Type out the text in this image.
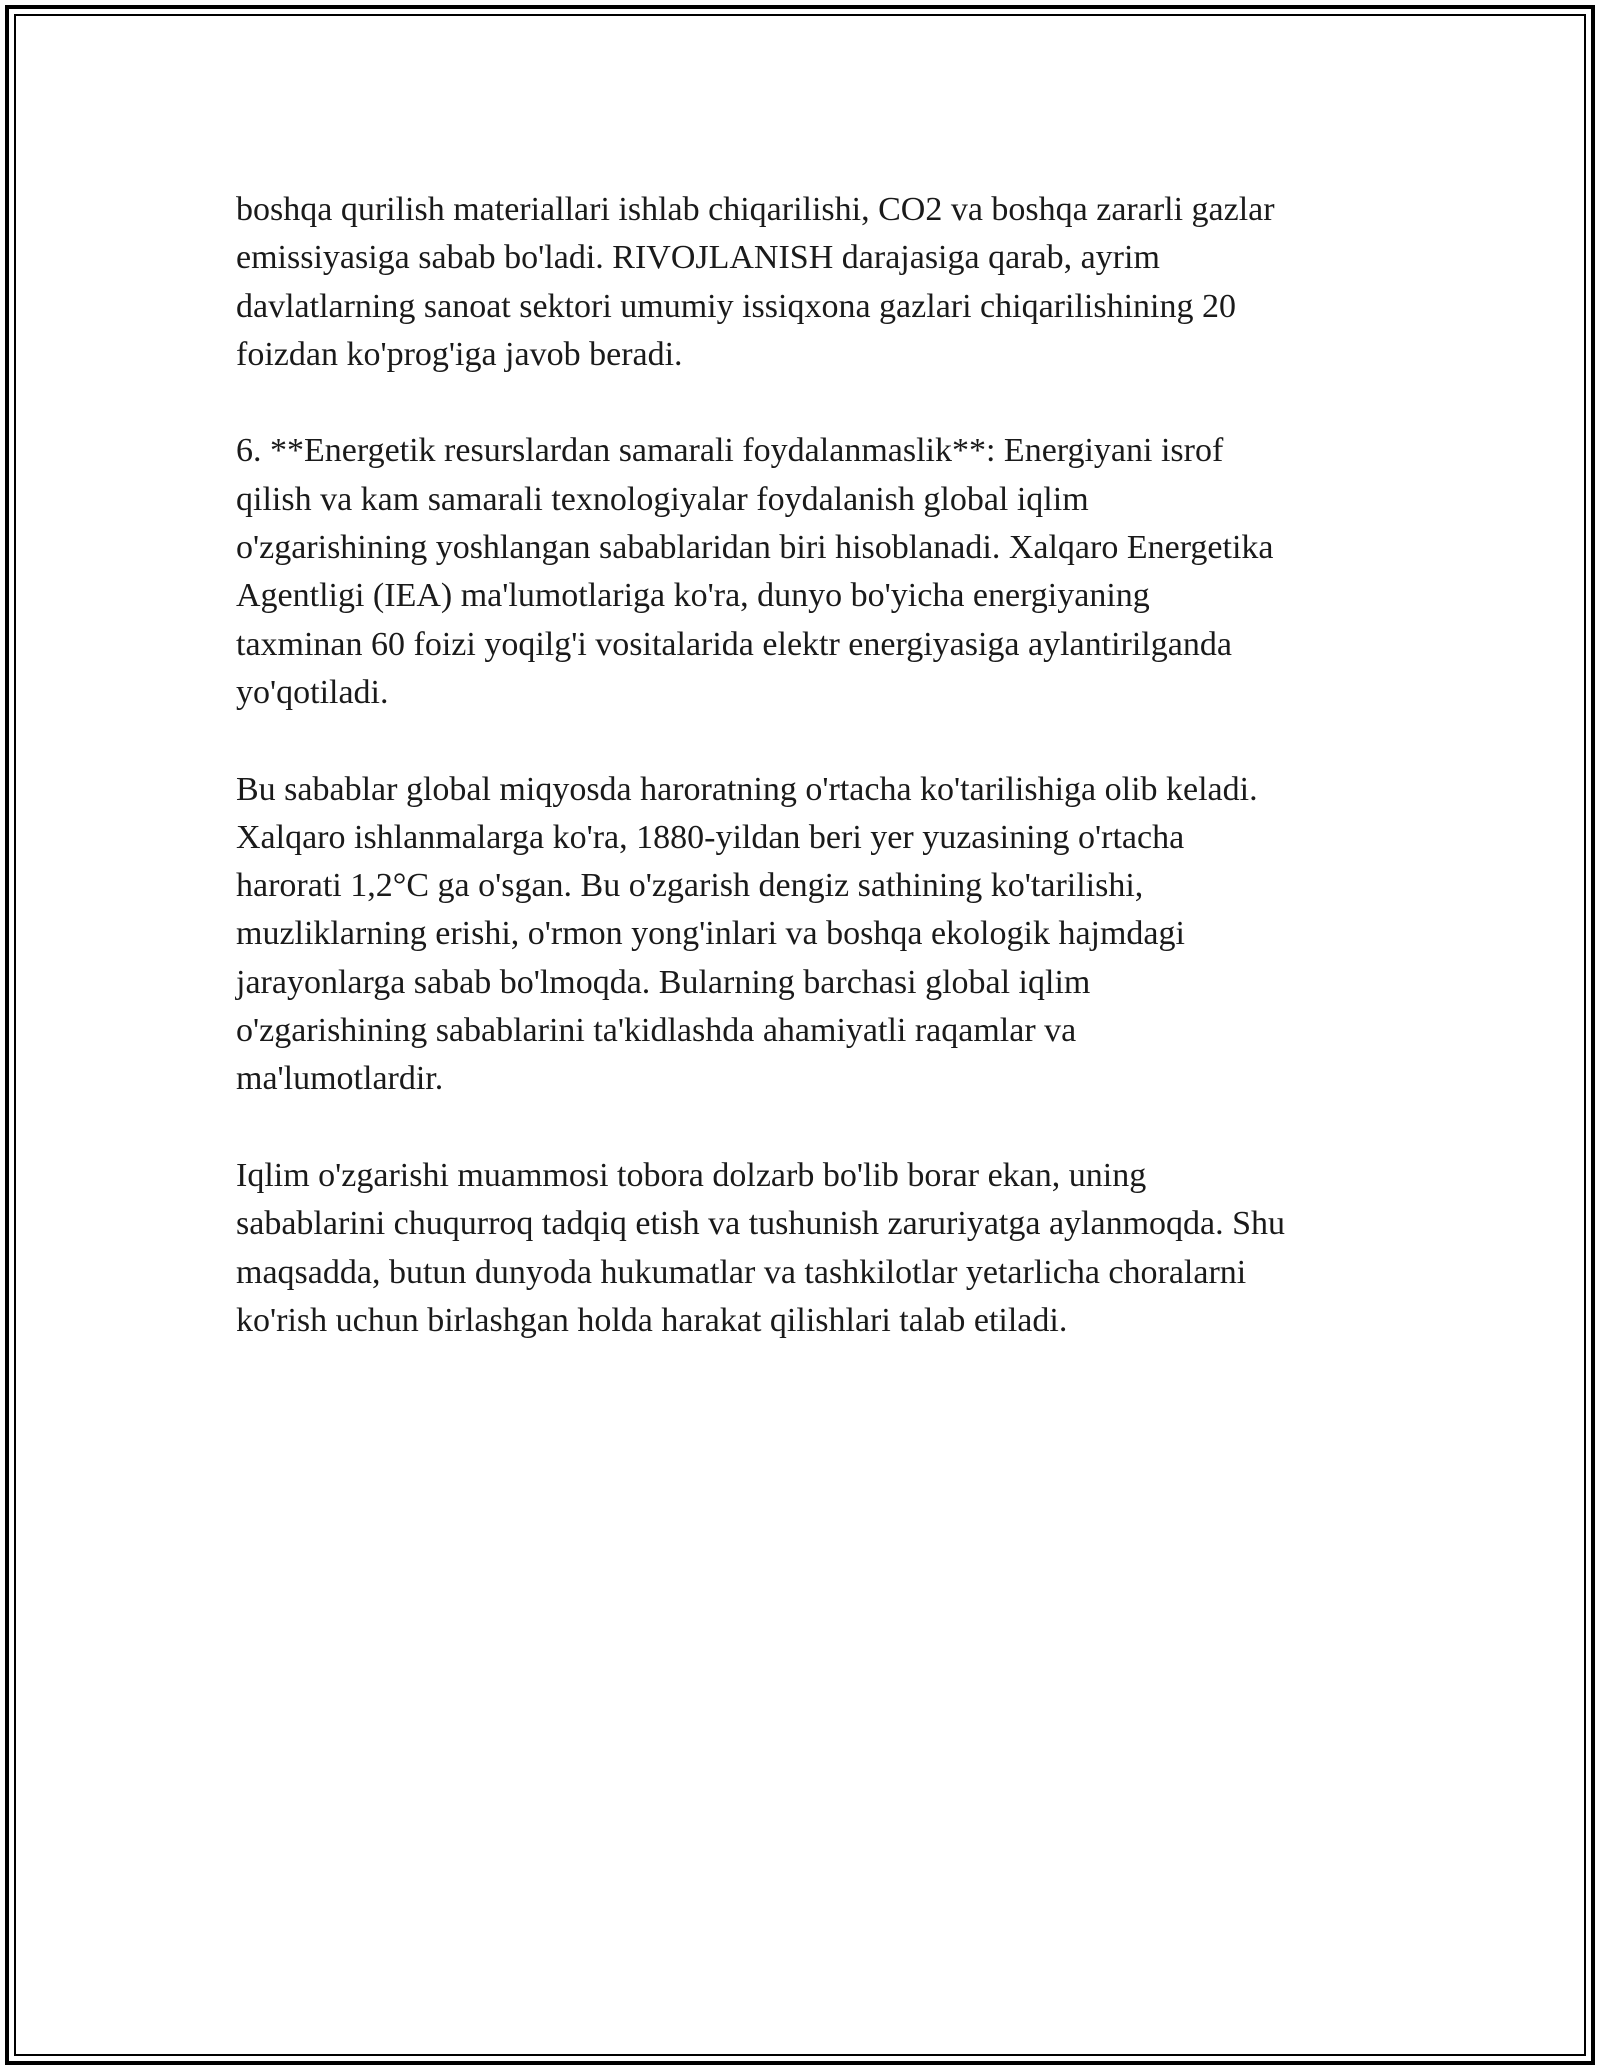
boshqa qurilish materiallari ishlab chiqarilishi, CO2 va boshqa zararli gazlar
emissiyasiga sabab bo'ladi. RIVOJLANISH darajasiga qarab, ayrim
davlatlarning sanoat sektori umumiy issiqxona gazlari chiqarilishining 20
foizdan ko'prog'iga javob beradi.

6. **Energetik resurslardan samarali foydalanmaslik**: Energiyani isrof
qilish va kam samarali texnologiyalar foydalanish global iqlim
o'zgarishining yoshlangan sabablaridan biri hisoblanadi. Xalqaro Energetika
Agentligi (IEA) ma'lumotlariga ko'ra, dunyo bo'yicha energiyaning
taxminan 60 foizi yoqilg'i vositalarida elektr energiyasiga aylantirilganda
yo'qotiladi.

Bu sabablar global miqyosda haroratning o'rtacha ko'tarilishiga olib keladi.
Xalqaro ishlanmalarga ko'ra, 1880-yildan beri yer yuzasining o'rtacha
harorati 1,2°C ga o'sgan. Bu o'zgarish dengiz sathining ko'tarilishi,
muzliklarning erishi, o'rmon yong'inlari va boshqa ekologik hajmdagi
jarayonlarga sabab bo'lmoqda. Bularning barchasi global iqlim
o'zgarishining sabablarini ta'kidlashda ahamiyatli raqamlar va
ma'lumotlardir.

Iqlim o'zgarishi muammosi tobora dolzarb bo'lib borar ekan, uning
sabablarini chuqurroq tadqiq etish va tushunish zaruriyatga aylanmoqda. Shu
maqsadda, butun dunyoda hukumatlar va tashkilotlar yetarlicha choralarni
ko'rish uchun birlashgan holda harakat qilishlari talab etiladi.
